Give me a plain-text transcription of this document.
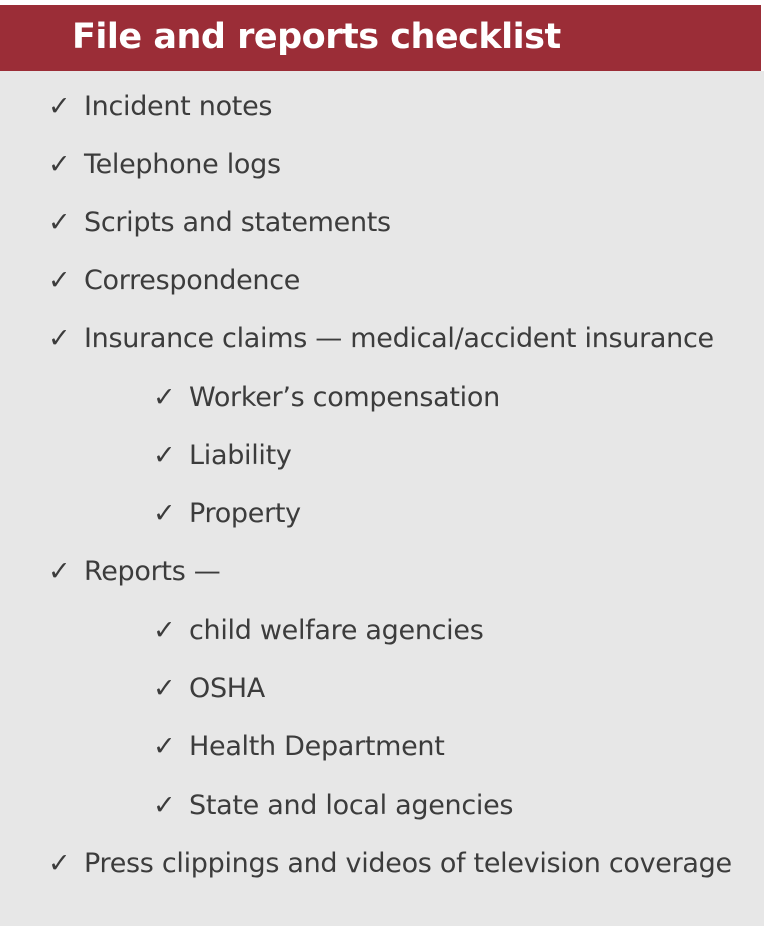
File and reports checklist
✓ Incident notes
✓ Telephone logs
✓ Scripts and statements
✓ Correspondence
✓ Insurance claims — medical/accident insurance
✓ Worker’s compensation
✓ Liability
✓ Property
✓ Reports —
✓ child welfare agencies
✓ OSHA
✓ Health Department
✓ State and local agencies
✓ Press clippings and videos of television coverage
